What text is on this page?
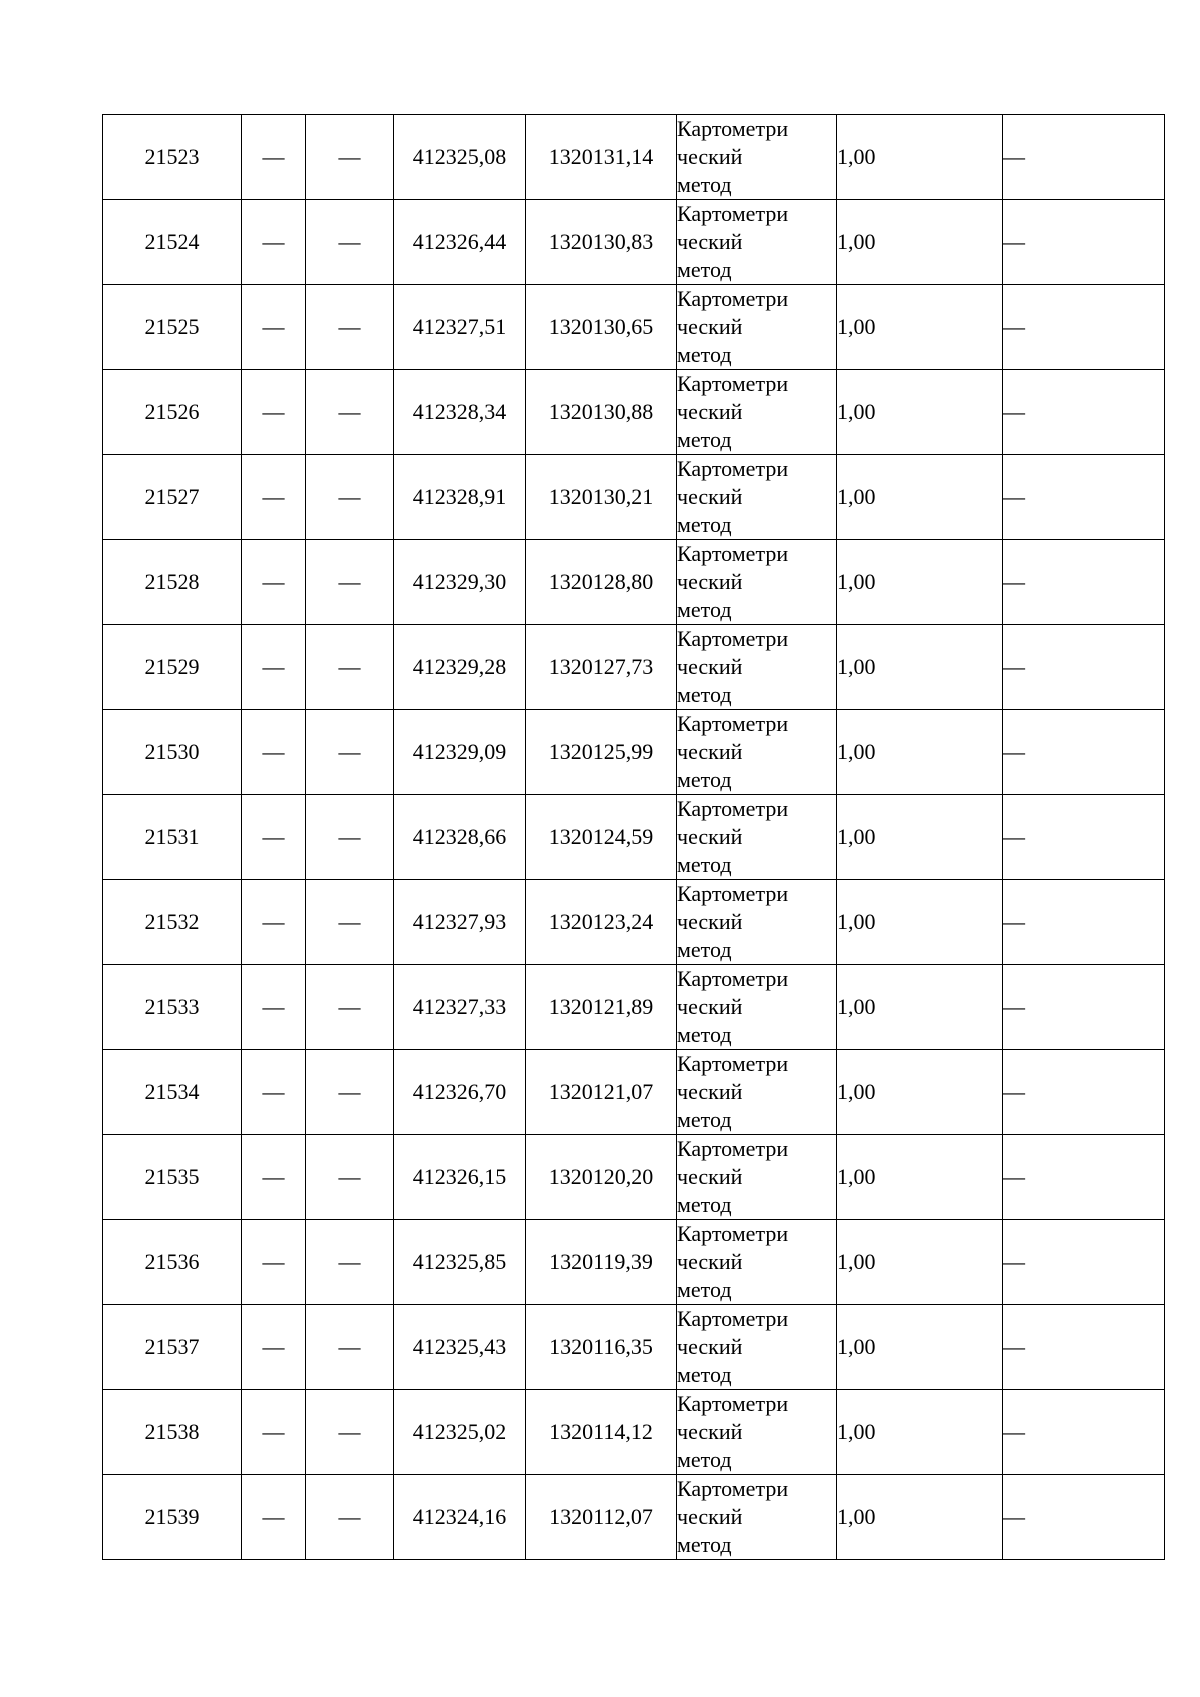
21523	—	—	412325,08	1320131,14	Картометри
ческий
метод	1,00	—
21524	—	—	412326,44	1320130,83	Картометри
ческий
метод	1,00	—
21525	—	—	412327,51	1320130,65	Картометри
ческий
метод	1,00	—
21526	—	—	412328,34	1320130,88	Картометри
ческий
метод	1,00	—
21527	—	—	412328,91	1320130,21	Картометри
ческий
метод	1,00	—
21528	—	—	412329,30	1320128,80	Картометри
ческий
метод	1,00	—
21529	—	—	412329,28	1320127,73	Картометри
ческий
метод	1,00	—
21530	—	—	412329,09	1320125,99	Картометри
ческий
метод	1,00	—
21531	—	—	412328,66	1320124,59	Картометри
ческий
метод	1,00	—
21532	—	—	412327,93	1320123,24	Картометри
ческий
метод	1,00	—
21533	—	—	412327,33	1320121,89	Картометри
ческий
метод	1,00	—
21534	—	—	412326,70	1320121,07	Картометри
ческий
метод	1,00	—
21535	—	—	412326,15	1320120,20	Картометри
ческий
метод	1,00	—
21536	—	—	412325,85	1320119,39	Картометри
ческий
метод	1,00	—
21537	—	—	412325,43	1320116,35	Картометри
ческий
метод	1,00	—
21538	—	—	412325,02	1320114,12	Картометри
ческий
метод	1,00	—
21539	—	—	412324,16	1320112,07	Картометри
ческий
метод	1,00	—
